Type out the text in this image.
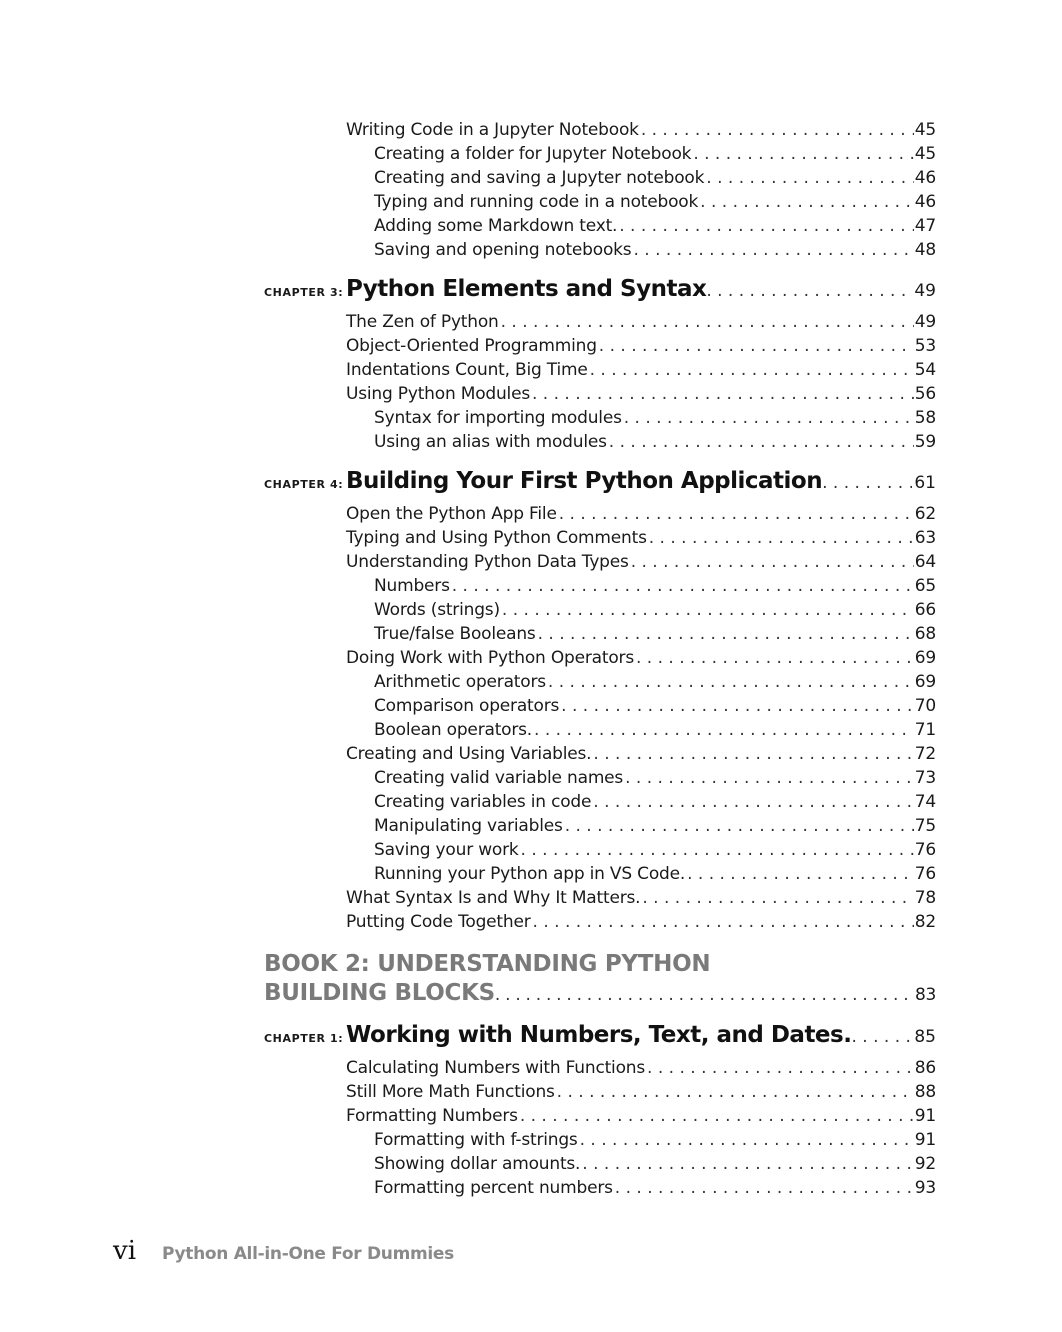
Writing Code in a Jupyter Notebook . . .	45
Creating a folder for Jupyter Notebook . . .	45
Creating and saving a Jupyter notebook . . .	46
Typing and running code in a notebook . . .	46
Adding some Markdown text. . . .	47
Saving and opening notebooks . . .	48
CHAPTER 3: Python Elements and Syntax . . .	49
The Zen of Python . . .	49
Object-Oriented Programming . . .	53
Indentations Count, Big Time . . .	54
Using Python Modules . . .	56
Syntax for importing modules . . .	58
Using an alias with modules . . .	59
CHAPTER 4: Building Your First Python Application . . .	61
Open the Python App File . . .	62
Typing and Using Python Comments . . .	63
Understanding Python Data Types . . .	64
Numbers . . .	65
Words (strings) . . .	66
True/false Booleans . . .	68
Doing Work with Python Operators . . .	69
Arithmetic operators . . .	69
Comparison operators . . .	70
Boolean operators. . . .	71
Creating and Using Variables. . . .	72
Creating valid variable names . . .	73
Creating variables in code . . .	74
Manipulating variables . . .	75
Saving your work . . .	76
Running your Python app in VS Code. . . .	76
What Syntax Is and Why It Matters. . . .	78
Putting Code Together . . .	82
BOOK 2: UNDERSTANDING PYTHON
BUILDING BLOCKS . . .	83
CHAPTER 1: Working with Numbers, Text, and Dates. . . .	85
Calculating Numbers with Functions . . .	86
Still More Math Functions . . .	88
Formatting Numbers . . .	91
Formatting with f-strings . . .	91
Showing dollar amounts. . . .	92
Formatting percent numbers . . .	93
vi Python All-in-One For Dummies
